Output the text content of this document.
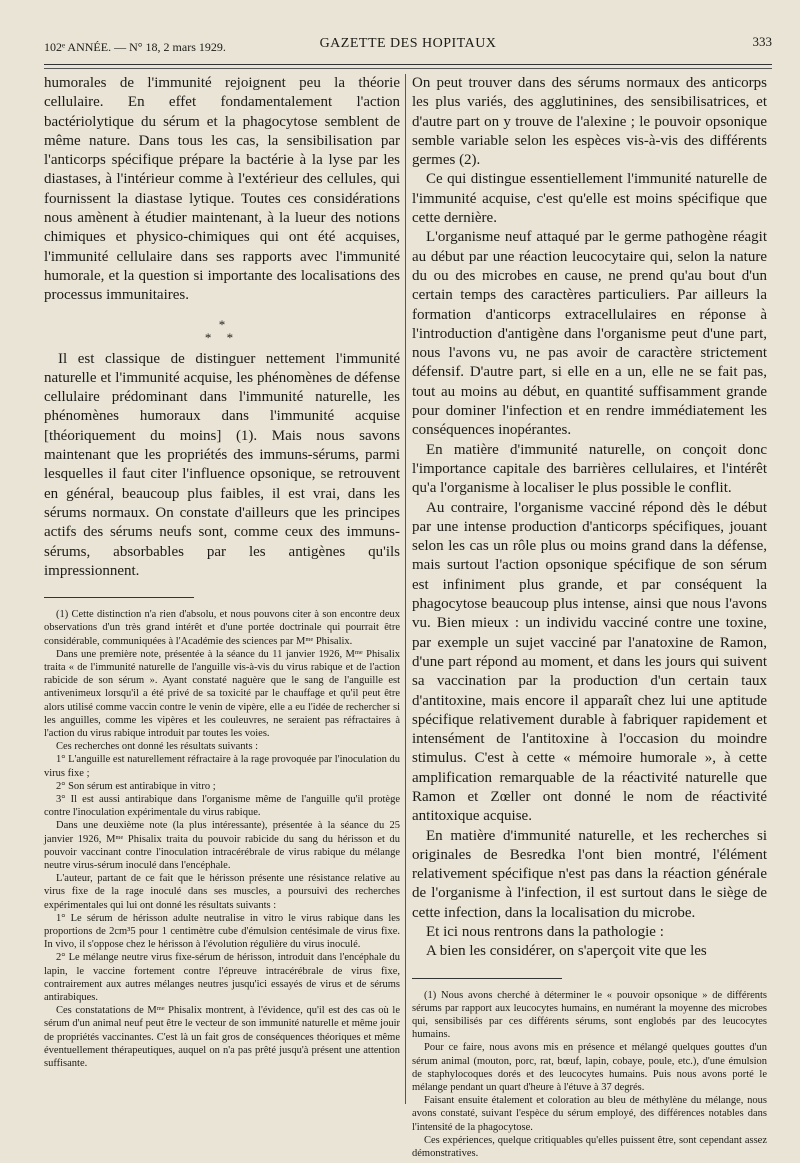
102ᵉ ANNÉE. — N° 18, 2 mars 1929.	GAZETTE DES HOPITAUX	333

humorales de l'immunité rejoignent peu la théorie cellulaire. En effet fondamentalement l'action bactériolytique du sérum et la phagocytose semblent de même nature. Dans tous les cas, la sensibilisation par l'anticorps spécifique prépare la bactérie à la lyse par les diastases, à l'intérieur comme à l'extérieur des cellules, qui fournissent la diastase lytique. Toutes ces considérations nous amènent à étudier maintenant, à la lueur des notions chimiques et physico-chimiques qui ont été acquises, l'immunité cellulaire dans ses rapports avec l'immunité humorale, et la question si importante des localisations des processus immunitaires.

*
* *

Il est classique de distinguer nettement l'immunité naturelle et l'immunité acquise, les phénomènes de défense cellulaire prédominant dans l'immunité naturelle, les phénomènes humoraux dans l'immunité acquise [théoriquement du moins] (1). Mais nous savons maintenant que les propriétés des immuns-sérums, parmi lesquelles il faut citer l'influence opsonique, se retrouvent en général, beaucoup plus faibles, il est vrai, dans les sérums normaux. On constate d'ailleurs que les principes actifs des sérums neufs sont, comme ceux des immuns-sérums, absorbables par les antigènes qu'ils impressionnent.

(1) Cette distinction n'a rien d'absolu, et nous pouvons citer à son encontre deux observations d'un très grand intérêt et d'une portée doctrinale qui pourrait être considérable, communiquées à l'Académie des sciences par Mᵐᵉ Phisalix.

Dans une première note, présentée à la séance du 11 janvier 1926, Mᵐᵉ Phisalix traita « de l'immunité naturelle de l'anguille vis-à-vis du virus rabique et de l'action rabicide de son sérum ». Ayant constaté naguère que le sang de l'anguille est antivenimeux lorsqu'il a été privé de sa toxicité par le chauffage et qu'il peut être alors utilisé comme vaccin contre le venin de vipère, elle a eu l'idée de rechercher si les anguilles, comme les vipères et les couleuvres, ne seraient pas réfractaires à l'action du virus rabique introduit par toutes les voies.

Ces recherches ont donné les résultats suivants :

1° L'anguille est naturellement réfractaire à la rage provoquée par l'inoculation du virus fixe ;

2° Son sérum est antirabique in vitro ;

3° Il est aussi antirabique dans l'organisme même de l'anguille qu'il protège contre l'inoculation expérimentale du virus rabique.

Dans une deuxième note (la plus intéressante), présentée à la séance du 25 janvier 1926, Mᵐᵉ Phisalix traita du pouvoir rabicide du sang du hérisson et du pouvoir vaccinant contre l'inoculation intracérébrale de virus rabique du mélange neutre virus-sérum inoculé dans l'encéphale.

L'auteur, partant de ce fait que le hérisson présente une résistance relative au virus fixe de la rage inoculé dans ses muscles, a poursuivi des recherches expérimentales qui lui ont donné les résultats suivants :

1° Le sérum de hérisson adulte neutralise in vitro le virus rabique dans les proportions de 2cm³5 pour 1 centimètre cube d'émulsion centésimale de virus fixe. In vivo, il s'oppose chez le hérisson à l'évolution régulière du virus inoculé.

2° Le mélange neutre virus fixe-sérum de hérisson, introduit dans l'encéphale du lapin, le vaccine fortement contre l'épreuve intracérébrale de virus fixe, contrairement aux autres mélanges neutres jusqu'ici essayés de virus et de sérums antirabiques.

Ces constatations de Mᵐᵉ Phisalix montrent, à l'évidence, qu'il est des cas où le sérum d'un animal neuf peut être le vecteur de son immunité naturelle et même jouir de propriétés vaccinantes. C'est là un fait gros de conséquences théoriques et même éventuellement thérapeutiques, auquel on n'a pas prêté jusqu'à présent une attention suffisante.

On peut trouver dans des sérums normaux des anticorps les plus variés, des agglutinines, des sensibilisatrices, et d'autre part on y trouve de l'alexine ; le pouvoir opsonique semble variable selon les espèces vis-à-vis des différents germes (2).

Ce qui distingue essentiellement l'immunité naturelle de l'immunité acquise, c'est qu'elle est moins spécifique que cette dernière.

L'organisme neuf attaqué par le germe pathogène réagit au début par une réaction leucocytaire qui, selon la nature du ou des microbes en cause, ne prend qu'au bout d'un certain temps des caractères particuliers. Par ailleurs la formation d'anticorps extracellulaires en réponse à l'introduction d'antigène dans l'organisme peut d'une part, nous l'avons vu, ne pas avoir de caractère strictement défensif. D'autre part, si elle en a un, elle ne se fait pas, tout au moins au début, en quantité suffisamment grande pour dominer l'infection et en rendre immédiatement les conséquences inopérantes.

En matière d'immunité naturelle, on conçoit donc l'importance capitale des barrières cellulaires, et l'intérêt qu'a l'organisme à localiser le plus possible le conflit.

Au contraire, l'organisme vacciné répond dès le début par une intense production d'anticorps spécifiques, jouant selon les cas un rôle plus ou moins grand dans la défense, mais surtout l'action opsonique spécifique de son sérum est infiniment plus grande, et par conséquent la phagocytose beaucoup plus intense, ainsi que nous l'avons vu. Bien mieux : un individu vacciné contre une toxine, par exemple un sujet vacciné par l'anatoxine de Ramon, d'une part répond au moment, et dans les jours qui suivent sa vaccination par la production d'un certain taux d'antitoxine, mais encore il apparaît chez lui une aptitude spécifique relativement durable à fabriquer rapidement et intensément de l'antitoxine à l'occasion du moindre stimulus. C'est à cette « mémoire humorale », à cette amplification remarquable de la réactivité naturelle que Ramon et Zœller ont donné le nom de réactivité antitoxique acquise.

En matière d'immunité naturelle, et les recherches si originales de Besredka l'ont bien montré, l'élément relativement spécifique n'est pas dans la réaction générale de l'organisme à l'infection, il est surtout dans le siège de cette infection, dans la localisation du microbe.

Et ici nous rentrons dans la pathologie :

A bien les considérer, on s'aperçoit vite que les

(1) Nous avons cherché à déterminer le « pouvoir opsonique » de différents sérums par rapport aux leucocytes humains, en numérant la moyenne des microbes qui, sensibilisés par ces différents sérums, sont englobés par des leucocytes humains.

Pour ce faire, nous avons mis en présence et mélangé quelques gouttes d'un sérum animal (mouton, porc, rat, bœuf, lapin, cobaye, poule, etc.), d'une émulsion de staphylocoques dorés et des leucocytes humains. Puis nous avons porté le mélange pendant un quart d'heure à l'étuve à 37 degrés.

Faisant ensuite étalement et coloration au bleu de méthylène du mélange, nous avons constaté, suivant l'espèce du sérum employé, des différences notables dans l'intensité de la phagocytose.

Ces expériences, quelque critiquables qu'elles puissent être, sont cependant assez démonstratives.
